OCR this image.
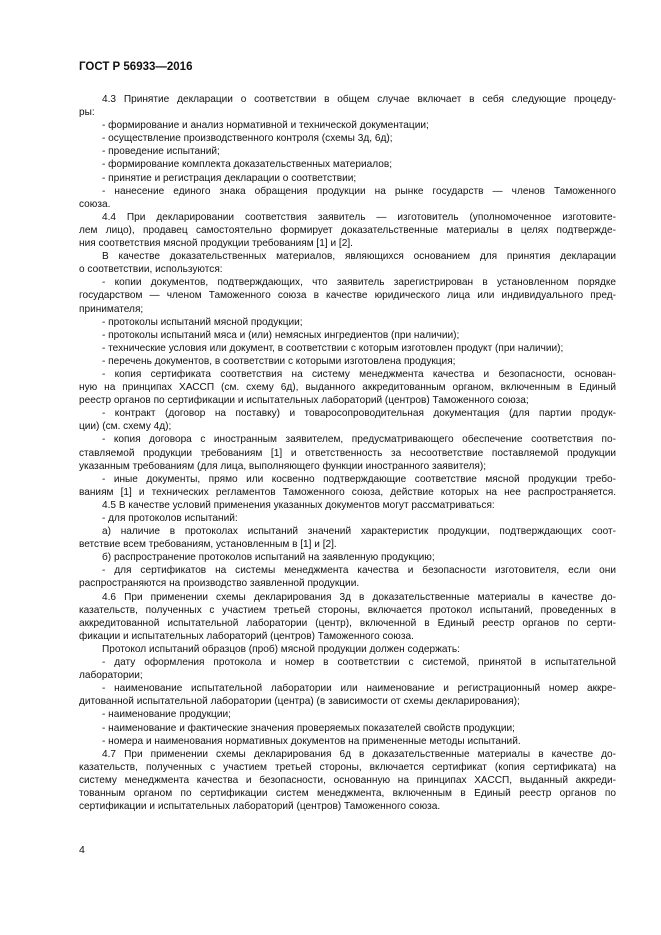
ГОСТ Р 56933—2016
4.3 Принятие декларации о соответствии в общем случае включает в себя следующие процеду-
ры:
- формирование и анализ нормативной и технической документации;
- осуществление производственного контроля (схемы 3д, 6д);
- проведение испытаний;
- формирование комплекта доказательственных материалов;
- принятие и регистрация декларации о соответствии;
- нанесение единого знака обращения продукции на рынке государств — членов Таможенного
союза.
4.4 При декларировании соответствия заявитель — изготовитель (уполномоченное изготовите-
лем лицо), продавец самостоятельно формирует доказательственные материалы в целях подтвержде-
ния соответствия мясной продукции требованиям [1] и [2].
В качестве доказательственных материалов, являющихся основанием для принятия декларации
о соответствии, используются:
- копии документов, подтверждающих, что заявитель зарегистрирован в установленном порядке
государством — членом Таможенного союза в качестве юридического лица или индивидуального пред-
принимателя;
- протоколы испытаний мясной продукции;
- протоколы испытаний мяса и (или) немясных ингредиентов (при наличии);
- технические условия или документ, в соответствии с которым изготовлен продукт (при наличии);
- перечень документов, в соответствии с которыми изготовлена продукция;
- копия сертификата соответствия на систему менеджмента качества и безопасности, основан-
ную на принципах ХАССП (см. схему 6д), выданного аккредитованным органом, включенным в Единый
реестр органов по сертификации и испытательных лабораторий (центров) Таможенного союза;
- контракт (договор на поставку) и товаросопроводительная документация (для партии продук-
ции) (см. схему 4д);
- копия договора с иностранным заявителем, предусматривающего обеспечение соответствия по-
ставляемой продукции требованиям [1] и ответственность за несоответствие поставляемой продукции
указанным требованиям (для лица, выполняющего функции иностранного заявителя);
- иные документы, прямо или косвенно подтверждающие соответствие мясной продукции требо-
ваниям [1] и технических регламентов Таможенного союза, действие которых на нее распространяется.
4.5 В качестве условий применения указанных документов могут рассматриваться:
- для протоколов испытаний:
а) наличие в протоколах испытаний значений характеристик продукции, подтверждающих соот-
ветствие всем требованиям, установленным в [1] и [2].
б) распространение протоколов испытаний на заявленную продукцию;
- для сертификатов на системы менеджмента качества и безопасности изготовителя, если они
распространяются на производство заявленной продукции.
4.6 При применении схемы декларирования 3д в доказательственные материалы в качестве до-
казательств, полученных с участием третьей стороны, включается протокол испытаний, проведенных в
аккредитованной испытательной лаборатории (центр), включенной в Единый реестр органов по серти-
фикации и испытательных лабораторий (центров) Таможенного союза.
Протокол испытаний образцов (проб) мясной продукции должен содержать:
- дату оформления протокола и номер в соответствии с системой, принятой в испытательной
лаборатории;
- наименование испытательной лаборатории или наименование и регистрационный номер аккре-
дитованной испытательной лаборатории (центра) (в зависимости от схемы декларирования);
- наименование продукции;
- наименование и фактические значения проверяемых показателей свойств продукции;
- номера и наименования нормативных документов на примененные методы испытаний.
4.7 При применении схемы декларирования 6д в доказательственные материалы в качестве до-
казательств, полученных с участием третьей стороны, включается сертификат (копия сертификата) на
систему менеджмента качества и безопасности, основанную на принципах ХАССП, выданный аккреди-
тованным органом по сертификации систем менеджмента, включенным в Единый реестр органов по
сертификации и испытательных лабораторий (центров) Таможенного союза.
4
